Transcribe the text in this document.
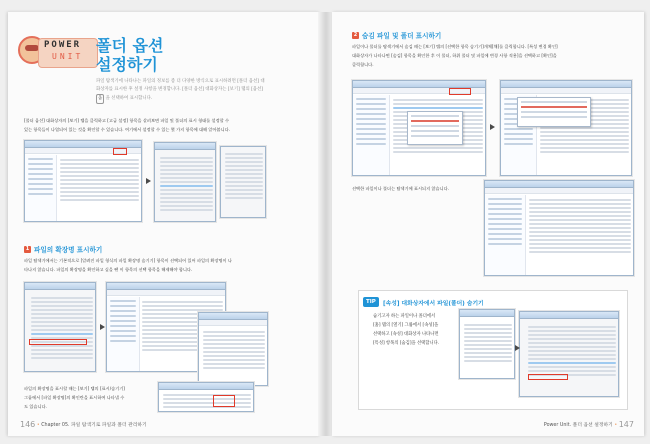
POWER
UNIT
폴더 옵션
설정하기
파일 탐색기에 나타나는 파일의 정보를 좀 더 다양한 방식으로 표시하려면 [폴더 옵션] 대
화상자를 표시한 후 설정 사항을 변경합니다. [폴더 옵션] 대화상자는 [보기] 탭의 [옵션]
옵 을 선택하여 표시합니다.
[폴더 옵션] 대화상자의 [보기] 탭을 클릭하고 [고급 설정] 항목을 살펴보면 파일 및 폴더의 표시 형태를 설정할 수
있는 항목들이 나열되어 있는 것을 확인할 수 있습니다. 여기에서 설정할 수 있는 몇 가지 항목에 대해 알아봅니다.
1 파일의 확장명 표시하기
파일 탐색기에서는 기본적으로 [알려진 파일 형식의 파일 확장명 숨기기] 항목이 선택되어 있어 파일의 확장명이 나
타나지 않습니다. 파일의 확장명을 확인하고 싶을 땐 이 항목의 선택 항목을 해제해야 합니다.
파일의 확장명을 표시할 때는 [보기] 탭의 [표시/숨기기]
그룹에서 [파일 확장명]의 확인란을 표시하여 나타낼 수
도 있습니다.
146 • Chapter 05. 파일 탐색기로 파일과 폴더 관리하기
2 숨김 파일 및 폴더 표시하기
파일이나 폴더를 탐색기에서 숨김 때는 [보기] 탭의 [선택한 항목 숨기기]개체[채]를 클릭합니다. [특성 변경 확인]
대화상자가 나타나면 [숨김] 항목을 확인한 후 이 폴더, 하위 폴더 및 파일에 변경 사항 적용]을 선택하고 [확인]을
클릭합니다.
선택한 파일이나 폴더는 탐색기에 표시되지 않습니다.
TIP	[속성] 대화상자에서 파일(폴더) 숨기기
숨기고자 하는 파일이나 폴더에서
[홈] 탭의 [열기] 그룹에서 [속성]을
선택하고 [속성] 대화상자 나타나면
[특성] 항목의 [숨김]을 선택합니다.
Power Unit. 폴더 옵션 설정하기 • 147
